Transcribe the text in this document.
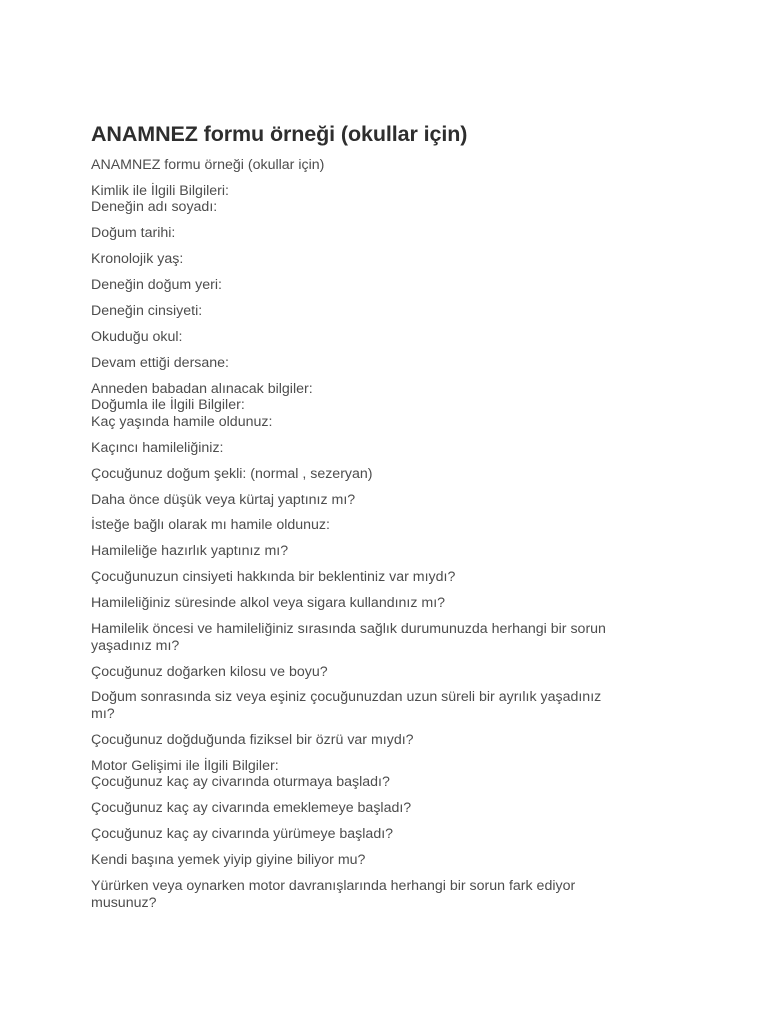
ANAMNEZ formu örneği (okullar için)

ANAMNEZ formu örneği (okullar için)

Kimlik ile İlgili Bilgileri:
Deneğin adı soyadı:

Doğum tarihi:

Kronolojik yaş:

Deneğin doğum yeri:

Deneğin cinsiyeti:

Okuduğu okul:

Devam ettiği dersane:

Anneden babadan alınacak bilgiler:
Doğumla ile İlgili Bilgiler:
Kaç yaşında hamile oldunuz:

Kaçıncı hamileliğiniz:

Çocuğunuz doğum şekli: (normal , sezeryan)

Daha önce düşük veya kürtaj yaptınız mı?

İsteğe bağlı olarak mı hamile oldunuz:

Hamileliğe hazırlık yaptınız mı?

Çocuğunuzun cinsiyeti hakkında bir beklentiniz var mıydı?

Hamileliğiniz süresinde alkol veya sigara kullandınız mı?

Hamilelik öncesi ve hamileliğiniz sırasında sağlık durumunuzda herhangi bir sorun
yaşadınız mı?

Çocuğunuz doğarken kilosu ve boyu?

Doğum sonrasında siz veya eşiniz çocuğunuzdan uzun süreli bir ayrılık yaşadınız
mı?

Çocuğunuz doğduğunda fiziksel bir özrü var mıydı?

Motor Gelişimi ile İlgili Bilgiler:
Çocuğunuz kaç ay civarında oturmaya başladı?

Çocuğunuz kaç ay civarında emeklemeye başladı?

Çocuğunuz kaç ay civarında yürümeye başladı?

Kendi başına yemek yiyip giyine biliyor mu?

Yürürken veya oynarken motor davranışlarında herhangi bir sorun fark ediyor
musunuz?
